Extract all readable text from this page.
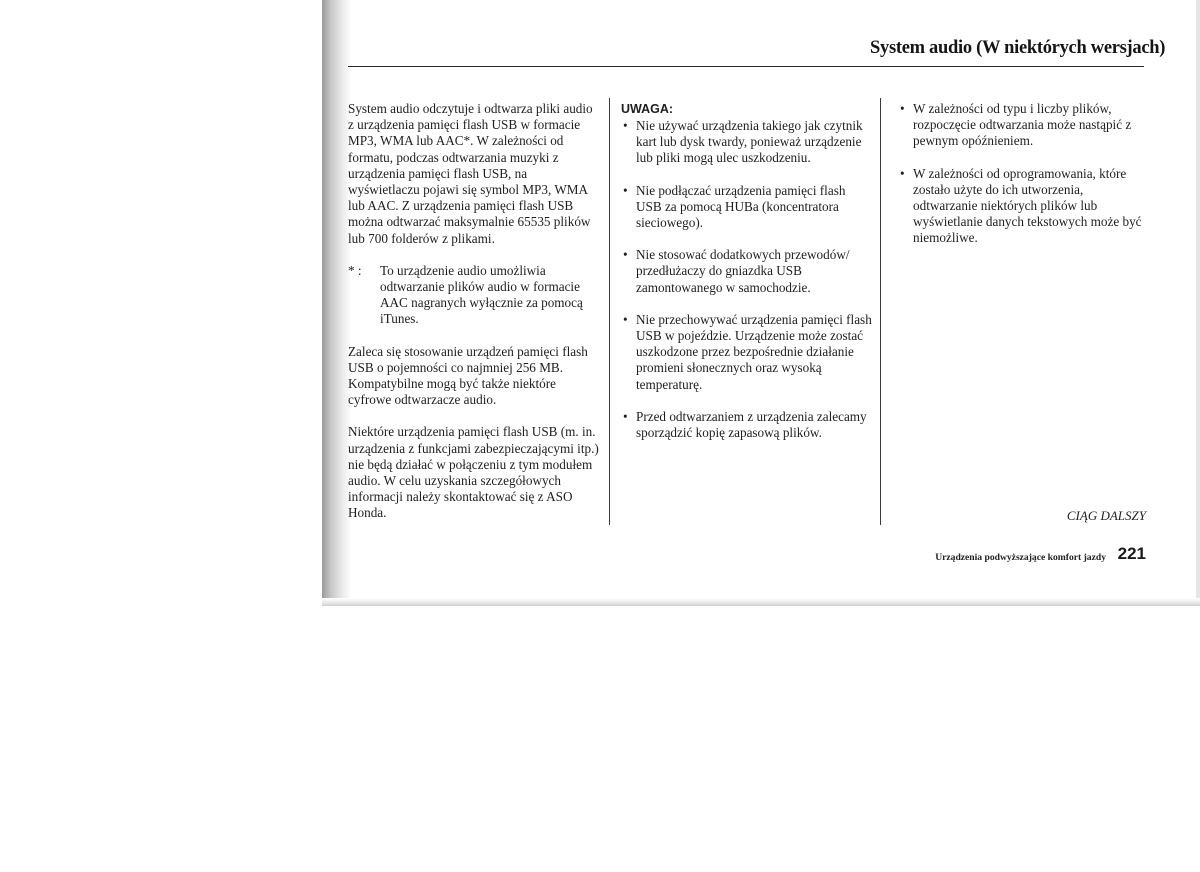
System audio (W niektórych wersjach)

System audio odczytuje i odtwarza pliki audio z urządzenia pamięci flash USB w formacie MP3, WMA lub AAC*. W zależności od formatu, podczas odtwarzania muzyki z urządzenia pamięci flash USB, na wyświetlaczu pojawi się symbol MP3, WMA lub AAC. Z urządzenia pamięci flash USB można odtwarzać maksymalnie 65535 plików lub 700 folderów z plikami.

* :	To urządzenie audio umożliwia odtwarzanie plików audio w formacie AAC nagranych wyłącznie za pomocą iTunes.

Zaleca się stosowanie urządzeń pamięci flash USB o pojemności co najmniej 256 MB. Kompatybilne mogą być także niektóre cyfrowe odtwarzacze audio.

Niektóre urządzenia pamięci flash USB (m. in. urządzenia z funkcjami zabezpieczającymi itp.) nie będą działać w połączeniu z tym modułem audio. W celu uzyskania szczegółowych informacji należy skontaktować się z ASO Honda.

UWAGA:
• Nie używać urządzenia takiego jak czytnik kart lub dysk twardy, ponieważ urządzenie lub pliki mogą ulec uszkodzeniu.
• Nie podłączać urządzenia pamięci flash USB za pomocą HUBa (koncentratora sieciowego).
• Nie stosować dodatkowych przewodów/ przedłużaczy do gniazdka USB zamontowanego w samochodzie.
• Nie przechowywać urządzenia pamięci flash USB w pojeździe. Urządzenie może zostać uszkodzone przez bezpośrednie działanie promieni słonecznych oraz wysoką temperaturę.
• Przed odtwarzaniem z urządzenia zalecamy sporządzić kopię zapasową plików.
• W zależności od typu i liczby plików, rozpoczęcie odtwarzania może nastąpić z pewnym opóźnieniem.
• W zależności od oprogramowania, które zostało użyte do ich utworzenia, odtwarzanie niektórych plików lub wyświetlanie danych tekstowych może być niemożliwe.
CIĄG DALSZY
Urządzenia podwyższające komfort jazdy 221
